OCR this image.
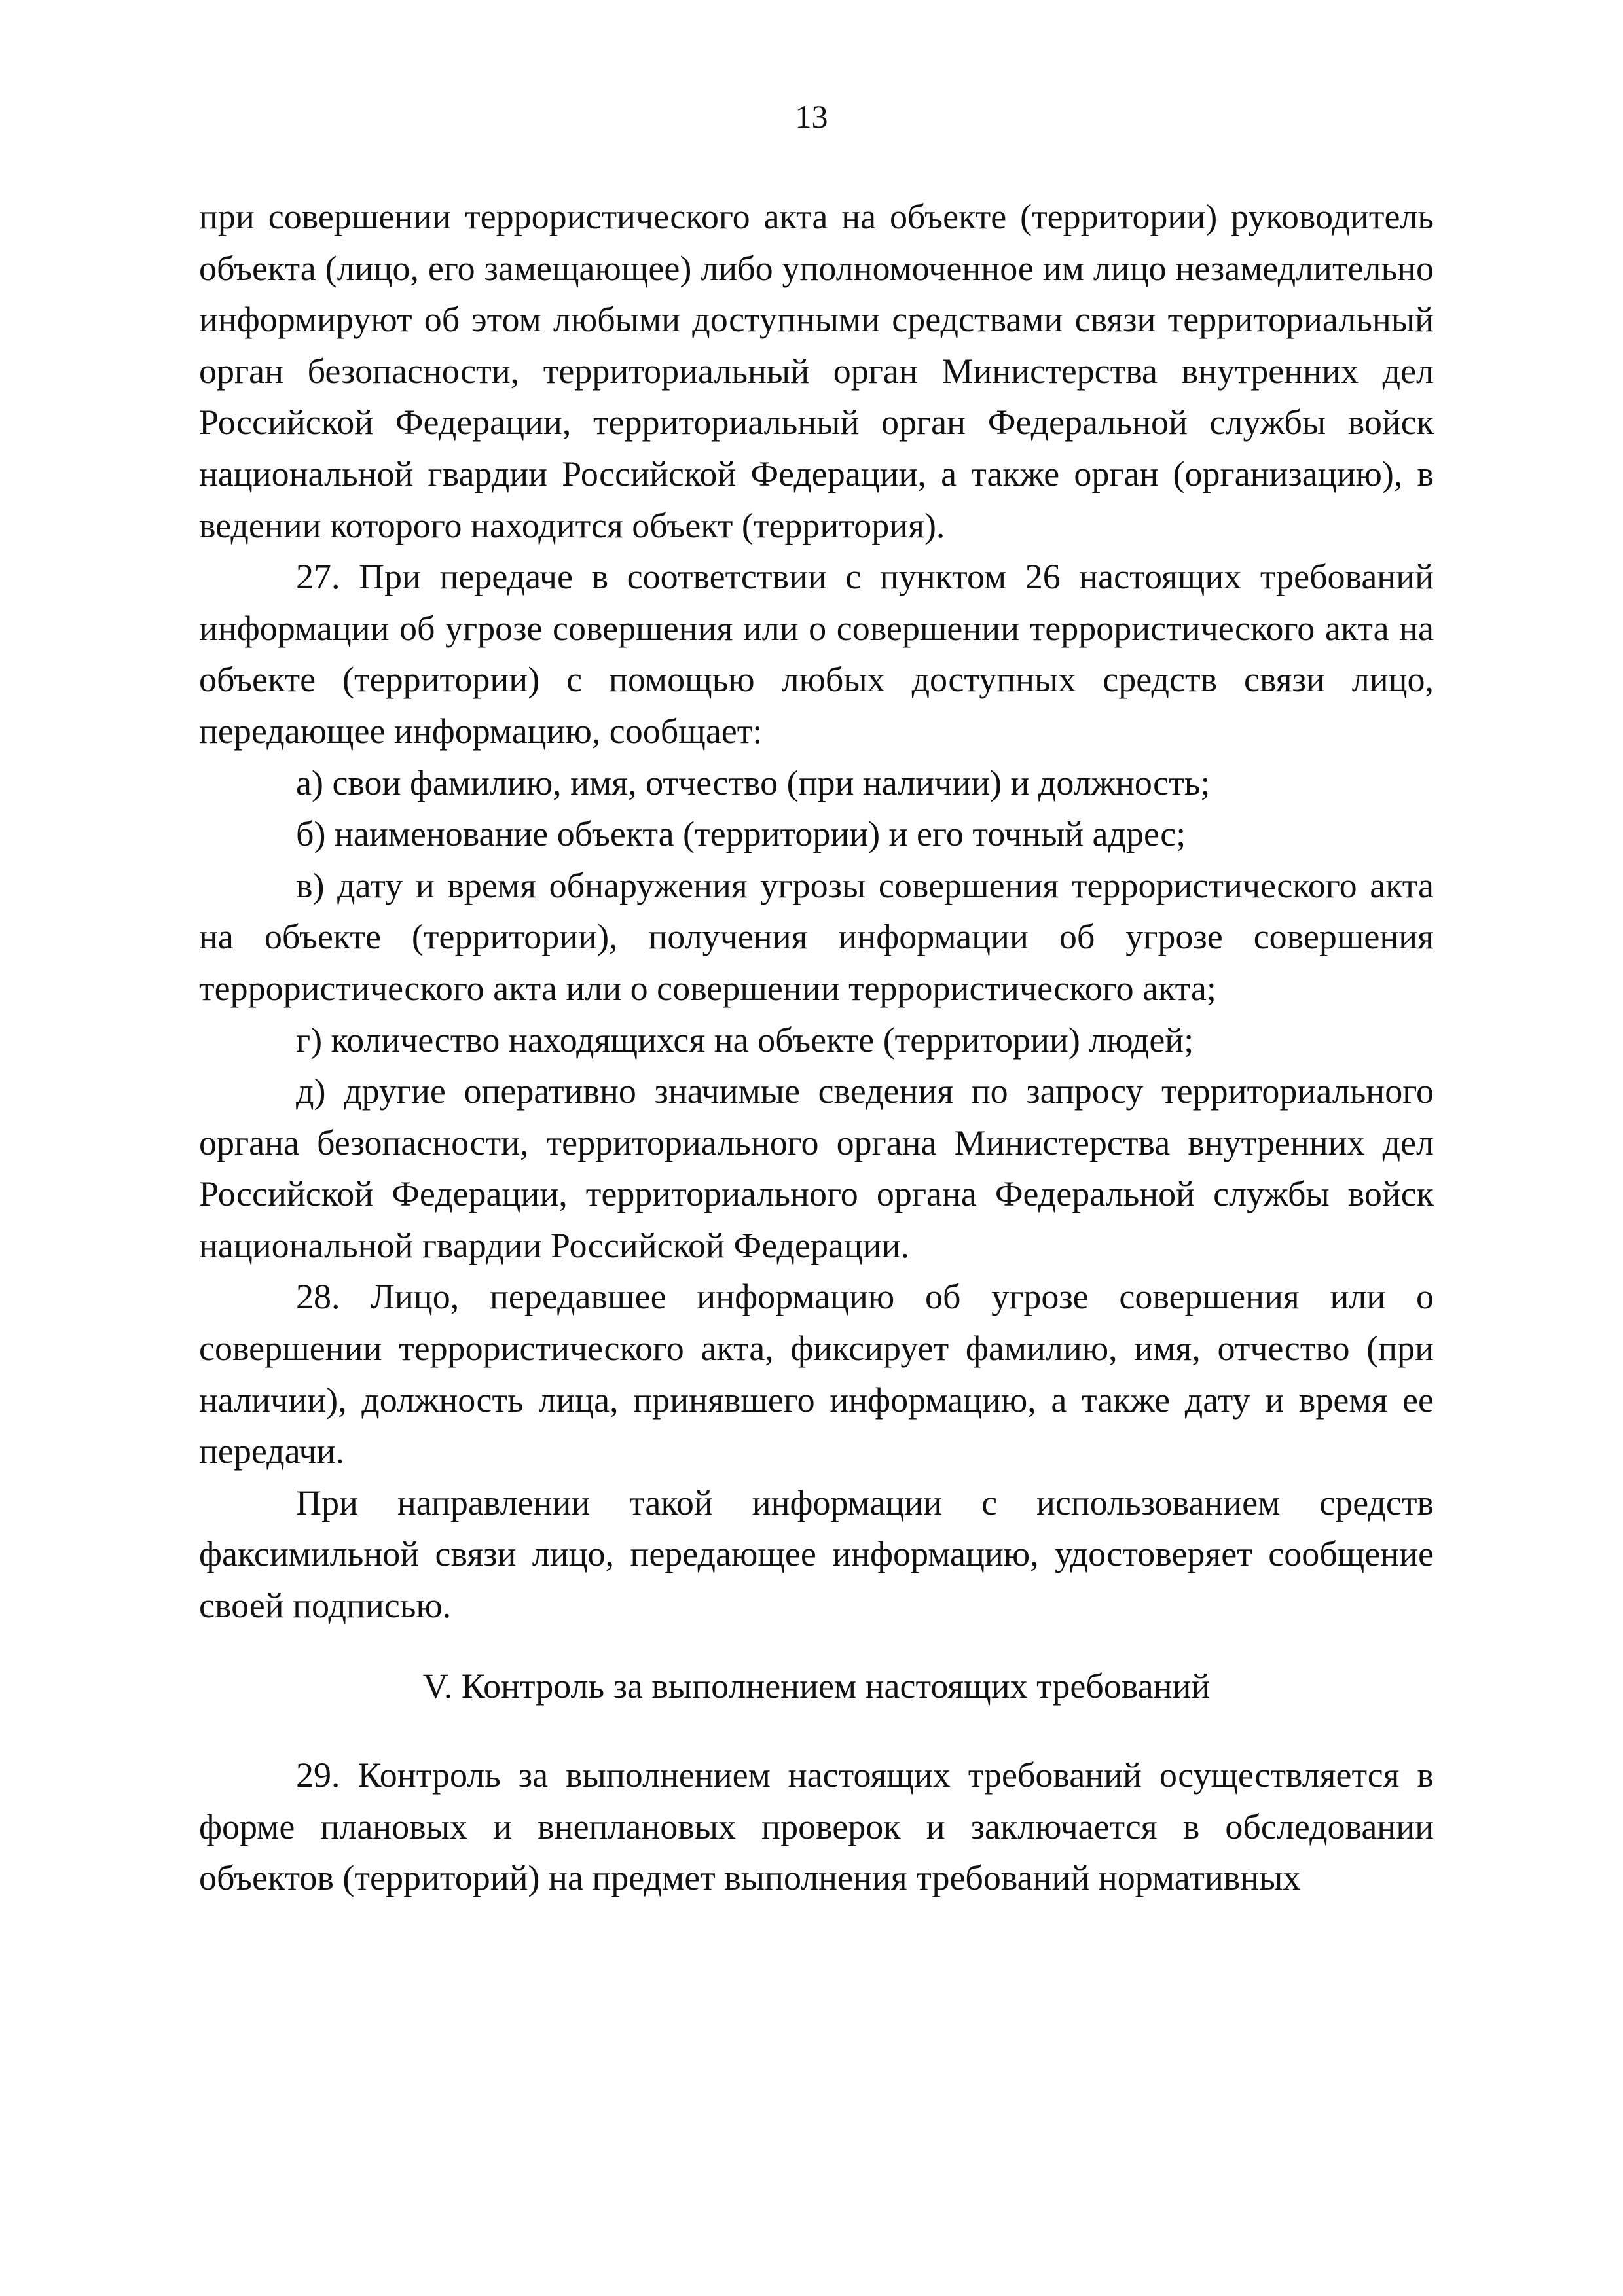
13

при совершении террористического акта на объекте (территории) руководитель объекта (лицо, его замещающее) либо уполномоченное им лицо незамедлительно информируют об этом любыми доступными средствами связи территориальный орган безопасности, территориальный орган Министерства внутренних дел Российской Федерации, территориальный орган Федеральной службы войск национальной гвардии Российской Федерации, а также орган (организацию), в ведении которого находится объект (территория).

27. При передаче в соответствии с пунктом 26 настоящих требований информации об угрозе совершения или о совершении террористического акта на объекте (территории) с помощью любых доступных средств связи лицо, передающее информацию, сообщает:

а) свои фамилию, имя, отчество (при наличии) и должность;

б) наименование объекта (территории) и его точный адрес;

в) дату и время обнаружения угрозы совершения террористического акта на объекте (территории), получения информации об угрозе совершения террористического акта или о совершении террористического акта;

г) количество находящихся на объекте (территории) людей;

д) другие оперативно значимые сведения по запросу территориального органа безопасности, территориального органа Министерства внутренних дел Российской Федерации, территориального органа Федеральной службы войск национальной гвардии Российской Федерации.

28. Лицо, передавшее информацию об угрозе совершения или о совершении террористического акта, фиксирует фамилию, имя, отчество (при наличии), должность лица, принявшего информацию, а также дату и время ее передачи.

При направлении такой информации с использованием средств факсимильной связи лицо, передающее информацию, удостоверяет сообщение своей подписью.

V. Контроль за выполнением настоящих требований

29. Контроль за выполнением настоящих требований осуществляется в форме плановых и внеплановых проверок и заключается в обследовании объектов (территорий) на предмет выполнения требований нормативных
